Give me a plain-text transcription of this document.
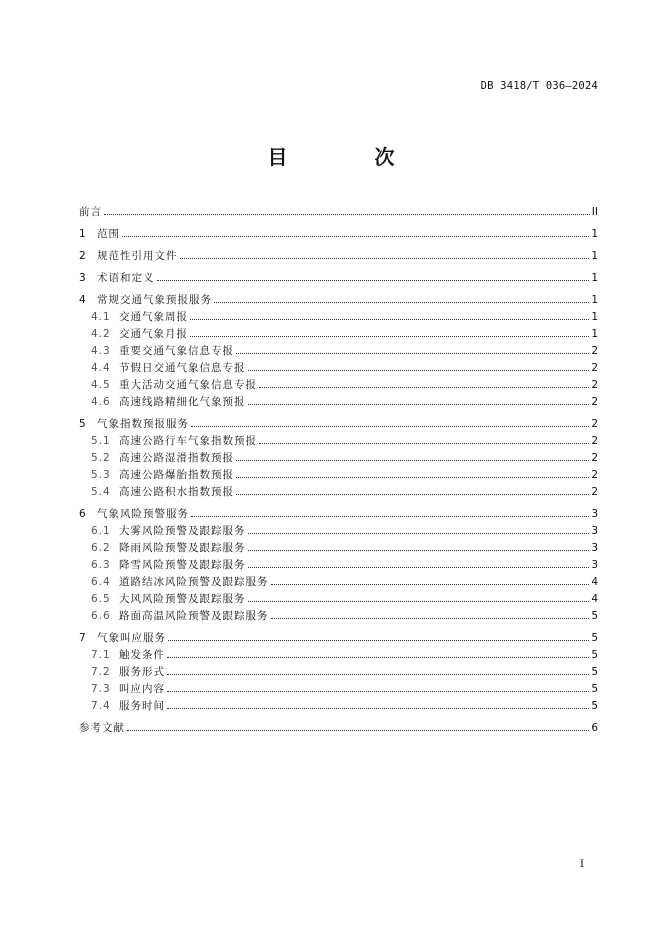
DB 3418/T 036—2024
目 次
前言	II
1	范围	1
2	规范性引用文件	1
3	术语和定义	1
4	常规交通气象预报服务	1
4.1 交通气象周报	1
4.2 交通气象月报	1
4.3 重要交通气象信息专报	2
4.4 节假日交通气象信息专报	2
4.5 重大活动交通气象信息专报	2
4.6 高速线路精细化气象预报	2
5	气象指数预报服务	2
5.1 高速公路行车气象指数预报	2
5.2 高速公路湿滑指数预报	2
5.3 高速公路爆胎指数预报	2
5.4 高速公路积水指数预报	2
6	气象风险预警服务	3
6.1 大雾风险预警及跟踪服务	3
6.2 降雨风险预警及跟踪服务	3
6.3 降雪风险预警及跟踪服务	3
6.4 道路结冰风险预警及跟踪服务	4
6.5 大风风险预警及跟踪服务	4
6.6 路面高温风险预警及跟踪服务	5
7	气象叫应服务	5
7.1 触发条件	5
7.2 服务形式	5
7.3 叫应内容	5
7.4 服务时间	5
参考文献	6
I
